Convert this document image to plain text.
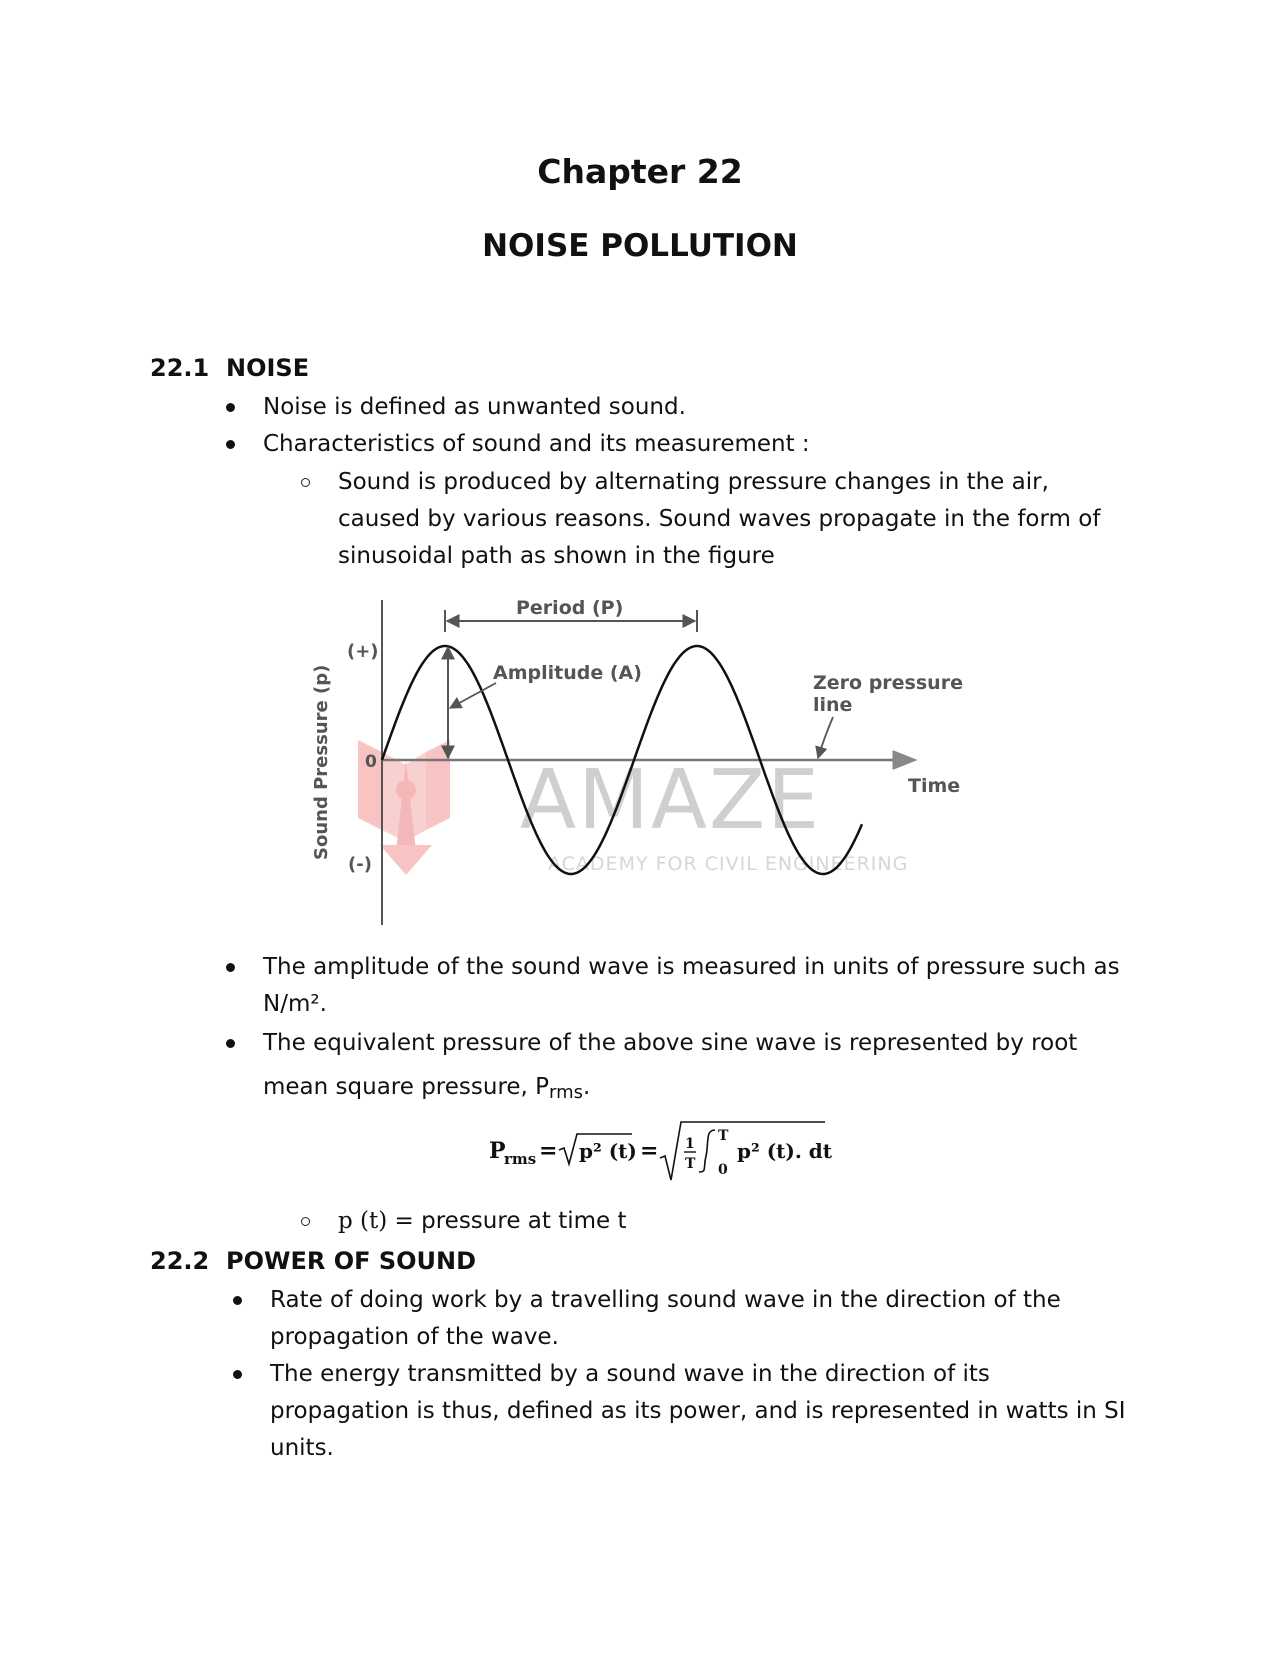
Chapter 22
NOISE POLLUTION
22.1 NOISE
Noise is defined as unwanted sound.
Characteristics of sound and its measurement :
Sound is produced by alternating pressure changes in the air,
caused by various reasons. Sound waves propagate in the form of
sinusoidal path as shown in the figure
AMAZE
ACADEMY FOR CIVIL ENGINEERING
Period (P)
Amplitude (A)	Zero pressure
line
Time
(+)
(-)
0
Sound Pressure (p)
The amplitude of the sound wave is measured in units of pressure such as
N/m².
The equivalent pressure of the above sine wave is represented by root
mean square pressure, $P_{rms}$.
P
rms = p² (t) = 1
T
T
0
p² (t). dt
p (t) = pressure at time t
22.2 POWER OF SOUND
Rate of doing work by a travelling sound wave in the direction of the
propagation of the wave.
The energy transmitted by a sound wave in the direction of its
propagation is thus, defined as its power, and is represented in watts in SI
units.
